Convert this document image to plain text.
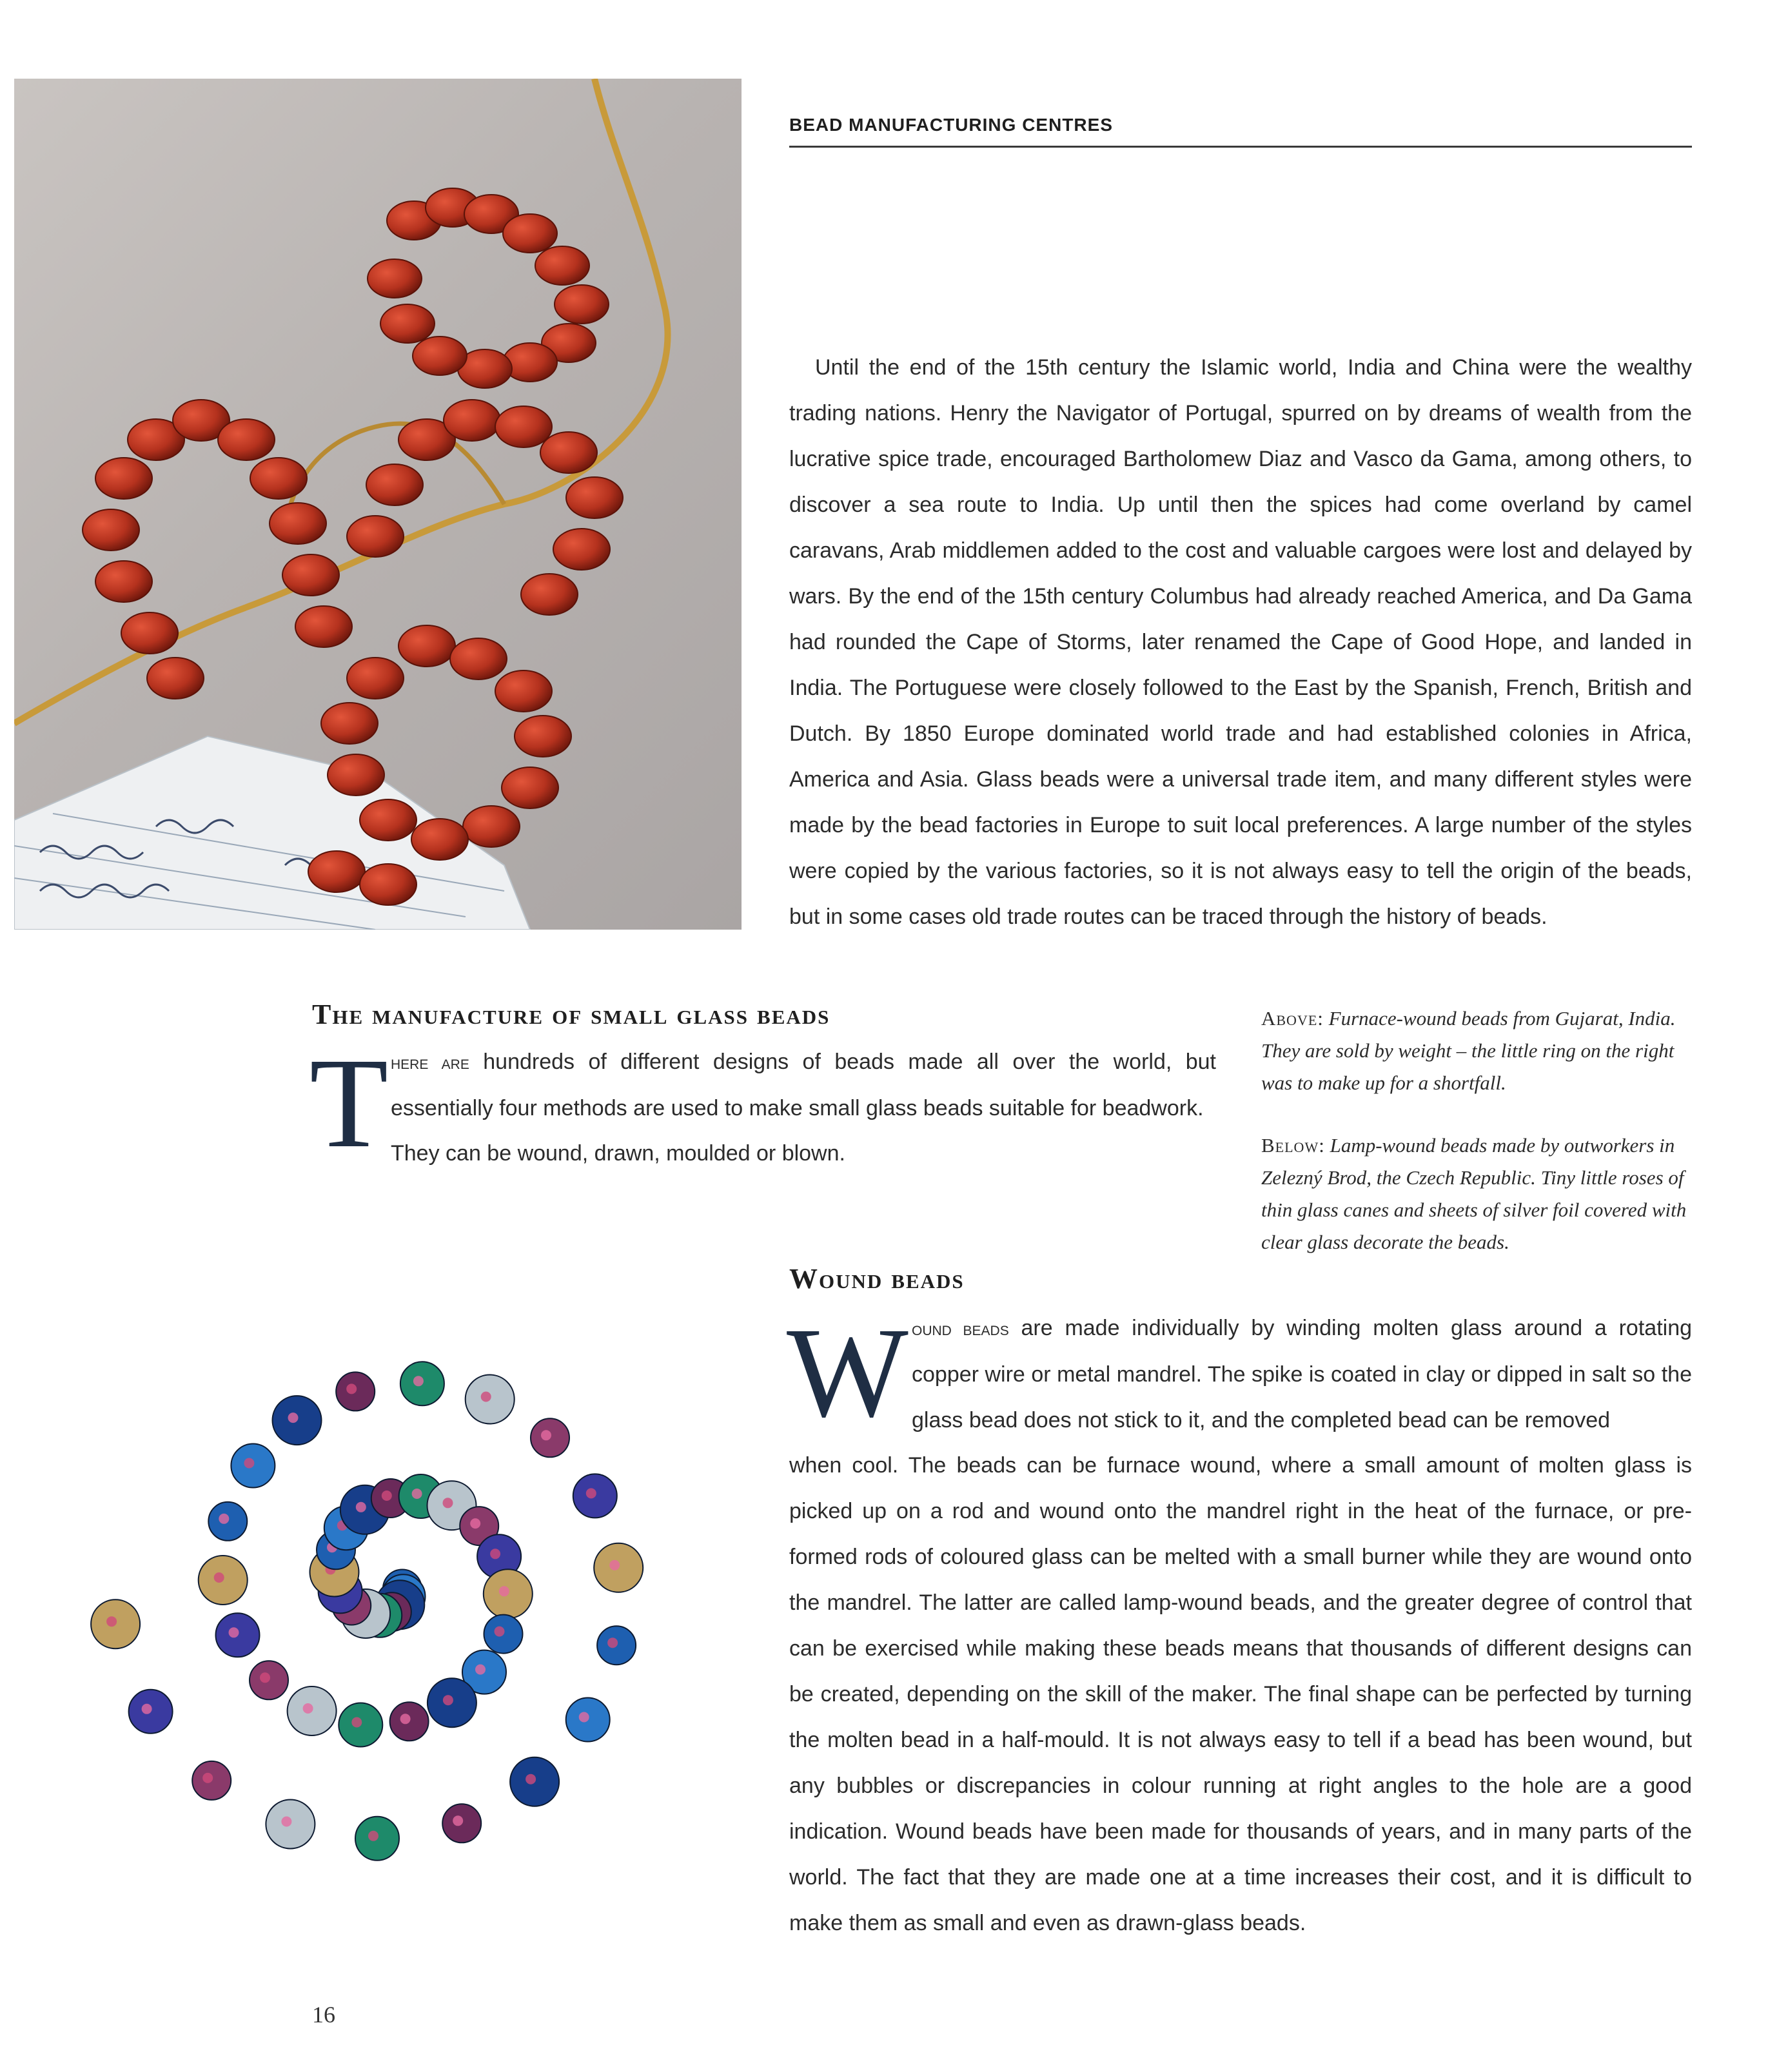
BEAD MANUFACTURING CENTRES

Until the end of the 15th century the Islamic world, India and China were the wealthy trading nations. Henry the Navigator of Portugal, spurred on by dreams of wealth from the lucrative spice trade, encouraged Bartholomew Diaz and Vasco da Gama, among others, to discover a sea route to India. Up until then the spices had come overland by camel caravans, Arab middlemen added to the cost and valuable cargoes were lost and delayed by wars. By the end of the 15th century Columbus had already reached America, and Da Gama had rounded the Cape of Storms, later renamed the Cape of Good Hope, and landed in India. The Portuguese were closely followed to the East by the Spanish, French, British and Dutch. By 1850 Europe dominated world trade and had established colonies in Africa, America and Asia. Glass beads were a universal trade item, and many different styles were made by the bead factories in Europe to suit local preferences. A large number of the styles were copied by the various factories, so it is not always easy to tell the origin of the beads, but in some cases old trade routes can be traced through the history of beads.

The manufacture of small glass beads
T here are hundreds of different designs of beads made all over the world, but essentially four methods are used to make small glass beads suitable for beadwork.

They can be wound, drawn, moulded or blown.

Above: Furnace-wound beads from Gujarat, India. They are sold by weight – the little ring on the right was to make up for a shortfall.

Below: Lamp-wound beads made by outworkers in Zelezný Brod, the Czech Republic. Tiny little roses of thin glass canes and sheets of silver foil covered with clear glass decorate the beads.

Wound beads
W ound beads are made individually by winding molten glass around a rotating copper wire or metal mandrel. The spike is coated in clay or dipped in salt so the glass bead does not stick to it, and the completed bead can be removed

when cool. The beads can be furnace wound, where a small amount of molten glass is picked up on a rod and wound onto the mandrel right in the heat of the furnace, or pre-formed rods of coloured glass can be melted with a small burner while they are wound onto the mandrel. The latter are called lamp-wound beads, and the greater degree of control that can be exercised while making these beads means that thousands of different designs can be created, depending on the skill of the maker. The final shape can be perfected by turning the molten bead in a half-mould. It is not always easy to tell if a bead has been wound, but any bubbles or discrepancies in colour running at right angles to the hole are a good indication. Wound beads have been made for thousands of years, and in many parts of the world. The fact that they are made one at a time increases their cost, and it is difficult to make them as small and even as drawn-glass beads.

16
